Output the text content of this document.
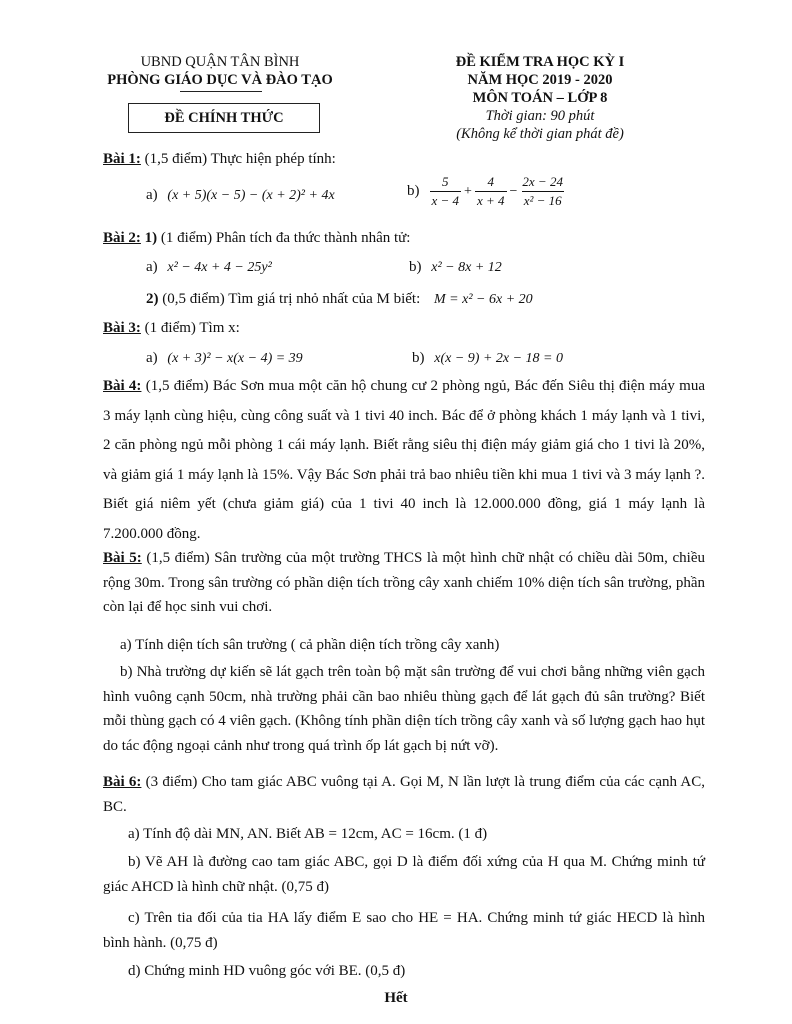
UBND QUẬN TÂN BÌNH
PHÒNG GIÁO DỤC VÀ ĐÀO TẠO
ĐỀ CHÍNH THỨC
ĐỀ KIỂM TRA HỌC KỲ I
NĂM HỌC 2019 - 2020
MÔN TOÁN – LỚP 8
Thời gian: 90 phút
(Không kể thời gian phát đề)
Bài 1: (1,5 điểm) Thực hiện phép tính:
a) (x + 5)(x − 5) − (x + 2)² + 4x	$b) \frac{5}{x - 4} + \frac{4}{x + 4} - \frac{2x - 24}{\text{x² − 16}}$
Bài 2: 1) (1 điểm) Phân tích đa thức thành nhân tử:
a) x² − 4x + 4 − 25y²	b) x² − 8x + 12
2) (0,5 điểm) Tìm giá trị nhỏ nhất của M biết: M = x² − 6x + 20
Bài 3: (1 điểm) Tìm x:
a) (x + 3)² − x(x − 4) = 39	b) x(x − 9) + 2x − 18 = 0
Bài 4: (1,5 điểm) Bác Sơn mua một căn hộ chung cư 2 phòng ngủ, Bác đến Siêu thị điện máy mua 3 máy lạnh cùng hiệu, cùng công suất và 1 tivi 40 inch. Bác để ở phòng khách 1 máy lạnh và 1 tivi, 2 căn phòng ngủ mỗi phòng 1 cái máy lạnh. Biết rằng siêu thị điện máy giảm giá cho 1 tivi là 20%, và giảm giá 1 máy lạnh là 15%. Vậy Bác Sơn phải trả bao nhiêu tiền khi mua 1 tivi và 3 máy lạnh ?. Biết giá niêm yết (chưa giảm giá) của 1 tivi 40 inch là 12.000.000 đồng, giá 1 máy lạnh là 7.200.000 đồng.
Bài 5: (1,5 điểm) Sân trường của một trường THCS là một hình chữ nhật có chiều dài 50m, chiều rộng 30m. Trong sân trường có phần diện tích trồng cây xanh chiếm 10% diện tích sân trường, phần còn lại để học sinh vui chơi.
a) Tính diện tích sân trường ( cả phần diện tích trồng cây xanh)
b) Nhà trường dự kiến sẽ lát gạch trên toàn bộ mặt sân trường để vui chơi bằng những viên gạch hình vuông cạnh 50cm, nhà trường phải cần bao nhiêu thùng gạch để lát gạch đủ sân trường? Biết mỗi thùng gạch có 4 viên gạch. (Không tính phần diện tích trồng cây xanh và số lượng gạch hao hụt do tác động ngoại cảnh như trong quá trình ốp lát gạch bị nứt vỡ).
Bài 6: (3 điểm) Cho tam giác ABC vuông tại A. Gọi M, N lần lượt là trung điểm của các cạnh AC, BC.
a) Tính độ dài MN, AN. Biết AB = 12cm, AC = 16cm. (1 đ)
b) Vẽ AH là đường cao tam giác ABC, gọi D là điểm đối xứng của H qua M. Chứng minh tứ giác AHCD là hình chữ nhật. (0,75 đ)
c) Trên tia đối của tia HA lấy điểm E sao cho HE = HA. Chứng minh tứ giác HECD là hình bình hành. (0,75 đ)
d) Chứng minh HD vuông góc với BE. (0,5 đ)
Hết
